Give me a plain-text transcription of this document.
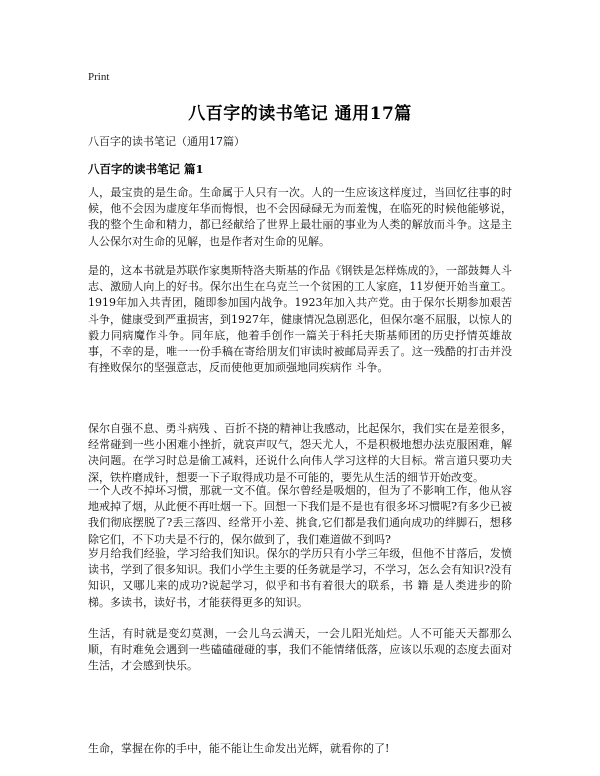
Print
八百字的读书笔记 通用17篇
八百字的读书笔记（通用17篇）
八百字的读书笔记 篇1

人，最宝贵的是生命。生命属于人只有一次。人的一生应该这样度过，当回忆往事的时候，他不会因为虚度年华而悔恨，也不会因碌碌无为而羞愧，在临死的时候他能够说，我的整个生命和精力，都已经献给了世界上最壮丽的事业为人类的解放而斗争。这是主人公保尔对生命的见解，也是作者对生命的见解。

是的，这本书就是苏联作家奥斯特洛夫斯基的作品《钢铁是怎样炼成的》，一部鼓舞人斗志、激励人向上的好书。保尔出生在乌克兰一个贫困的工人家庭，11岁便开始当童工。1919年加入共青团，随即参加国内战争。1923年加入共产党。由于保尔长期参加艰苦斗争，健康受到严重损害，到1927年，健康情况急剧恶化，但保尔毫不屈服，以惊人的毅力同病魔作斗争。同年底，他着手创作一篇关于科托夫斯基师团的历史抒情英雄故事，不幸的是，唯一一份手稿在寄给朋友们审读时被邮局弄丢了。这一残酷的打击并没有挫败保尔的坚强意志，反而使他更加顽强地同疾病作 斗争。

保尔自强不息、勇斗病残 、百折不挠的精神让我感动，比起保尔，我们实在是差很多，经常碰到一些小困难小挫折，就哀声叹气，怨天尤人，不是积极地想办法克服困难，解决问题。在学习时总是偷工减料，还说什么向伟人学习这样的大目标。常言道只要功夫深，铁杵磨成针，想要一下子取得成功是不可能的，要先从生活的细节开始改变。

一个人改不掉坏习惯，那就一文不值。保尔曾经是吸烟的，但为了不影响工作，他从容地戒掉了烟，从此便不再吐烟一下。回想一下我们是不是也有很多坏习惯呢?有多少已被我们彻底摆脱了?丢三落四、经常开小差、挑食,它们都是我们通向成功的绊脚石，想移除它们，不下功夫是不行的，保尔做到了，我们难道做不到吗?

岁月给我们经验，学习给我们知识。保尔的学历只有小学三年级，但他不甘落后，发愤读书，学到了很多知识。我们小学生主要的任务就是学习，不学习，怎么会有知识?没有知识，又哪儿来的成功?说起学习，似乎和书有着很大的联系，书 籍 是人类进步的阶梯。多读书，读好书，才能获得更多的知识。

生活，有时就是变幻莫测，一会儿乌云满天，一会儿阳光灿烂。人不可能天天都那么顺，有时难免会遇到一些磕磕碰碰的事，我们不能情绪低落，应该以乐观的态度去面对生活，才会感到快乐。

生命，掌握在你的手中，能不能让生命发出光辉，就看你的了!
